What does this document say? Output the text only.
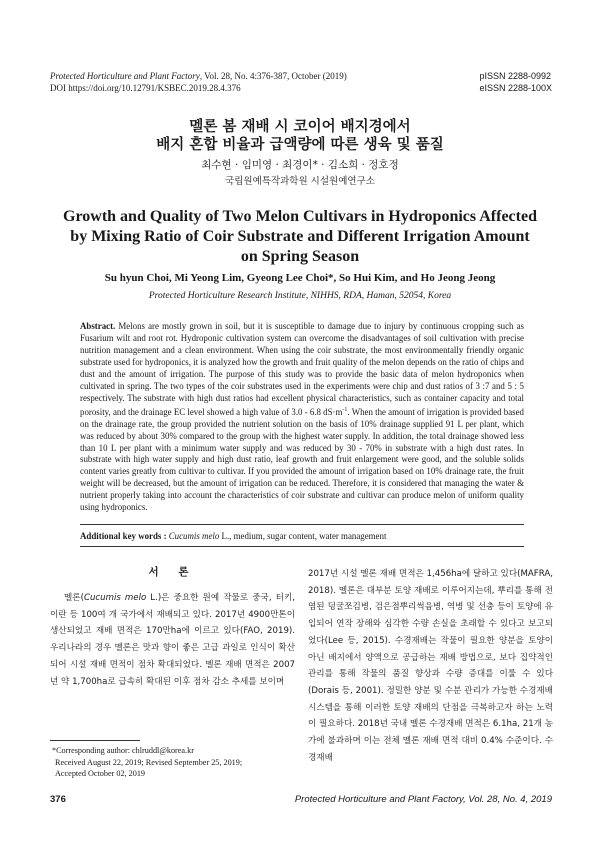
Protected Horticulture and Plant Factory, Vol. 28, No. 4:376-387, October (2019)
DOI https://doi.org/10.12791/KSBEC.2019.28.4.376
pISSN 2288-0992
eISSN 2288-100X
멜론 봄 재배 시 코이어 배지경에서
배지 혼합 비율과 급액량에 따른 생육 및 품질
최수현 · 임미영 · 최경이* · 김소희 · 정호정
국립원예특작과학원 시설원예연구소
Growth and Quality of Two Melon Cultivars in Hydroponics Affected
by Mixing Ratio of Coir Substrate and Different Irrigation Amount
on Spring Season
Su hyun Choi, Mi Yeong Lim, Gyeong Lee Choi*, So Hui Kim, and Ho Jeong Jeong
Protected Horticulture Research Institute, NIHHS, RDA, Haman, 52054, Korea
Abstract. Melons are mostly grown in soil, but it is susceptible to damage due to injury by continuous cropping such as Fusarium wilt and root rot. Hydroponic cultivation system can overcome the disadvantages of soil cultivation with precise nutrition management and a clean environment. When using the coir substrate, the most environmentally friendly organic substrate used for hydroponics, it is analyzed how the growth and fruit quality of the melon depends on the ratio of chips and dust and the amount of irrigation. The purpose of this study was to provide the basic data of melon hydroponics when cultivated in spring. The two types of the coir substrates used in the experiments were chip and dust ratios of 3 :7 and 5 : 5 respectively. The substrate with high dust ratios had excellent physical characteristics, such as container capacity and total porosity, and the drainage EC level showed a high value of 3.0 - 6.8 $dS\cdot m^{-1}$. When the amount of irrigation is provided based on the drainage rate, the group provided the nutrient solution on the basis of 10% drainage supplied 91 L per plant, which was reduced by about 30% compared to the group with the highest water supply. In addition, the total drainage showed less than 10 L per plant with a minimum water supply and was reduced by 30 - 70% in substrate with a high dust rates. In substrate with high water supply and high dust ratio, leaf growth and fruit enlargement were good, and the soluble solids content varies greatly from cultivar to cultivar. If you provided the amount of irrigation based on 10% drainage rate, the fruit weight will be decreased, but the amount of irrigation can be reduced. Therefore, it is considered that managing the water & nutrient properly taking into account the characteristics of coir substrate and cultivar can produce melon of uniform quality using hydroponics.
Additional key words : Cucumis melo L., medium, sugar content, water management
서 론

멜론(Cucumis melo L.)은 중요한 원예 작물로 중국, 터키, 이란 등 100여 개 국가에서 재배되고 있다. 2017년 4900만톤이 생산되었고 재배 면적은 170만ha에 이르고 있다(FAO, 2019). 우리나라의 경우 멜론은 맛과 향이 좋은 고급 과일로 인식이 확산되어 시설 재배 면적이 점차 확대되었다. 멜론 재배 면적은 2007년 약 1,700ha로 급속히 확대된 이후 점차 감소 추세를 보이며

2017년 시설 멜론 재배 면적은 1,456ha에 달하고 있다(MAFRA, 2018). 멜론은 대부분 토양 재배로 이루어지는데, 뿌리를 통해 전염된 덩굴쪼김병, 검은점뿌리썩음병, 역병 및 선충 등이 토양에 유입되어 연작 장해와 심각한 수량 손실을 초래할 수 있다고 보고되었다(Lee 등, 2015). 수경재배는 작물이 필요한 양분을 토양이 아닌 배지에서 양액으로 공급하는 재배 방법으로, 보다 집약적인 관리를 통해 작물의 품질 향상과 수량 증대를 이룰 수 있다(Dorais 등, 2001). 정밀한 양분 및 수분 관리가 가능한 수경재배 시스템을 통해 이러한 토양 재배의 단점을 극복하고자 하는 노력이 필요하다. 2018년 국내 멜론 수경재배 면적은 6.1ha, 21개 농가에 불과하며 이는 전체 멜론 재배 면적 대비 0.4% 수준이다. 수경재배

*Corresponding author: chlruddl@korea.kr
Received August 22, 2019; Revised September 25, 2019;
Accepted October 02, 2019
376	Protected Horticulture and Plant Factory, Vol. 28, No. 4, 2019
